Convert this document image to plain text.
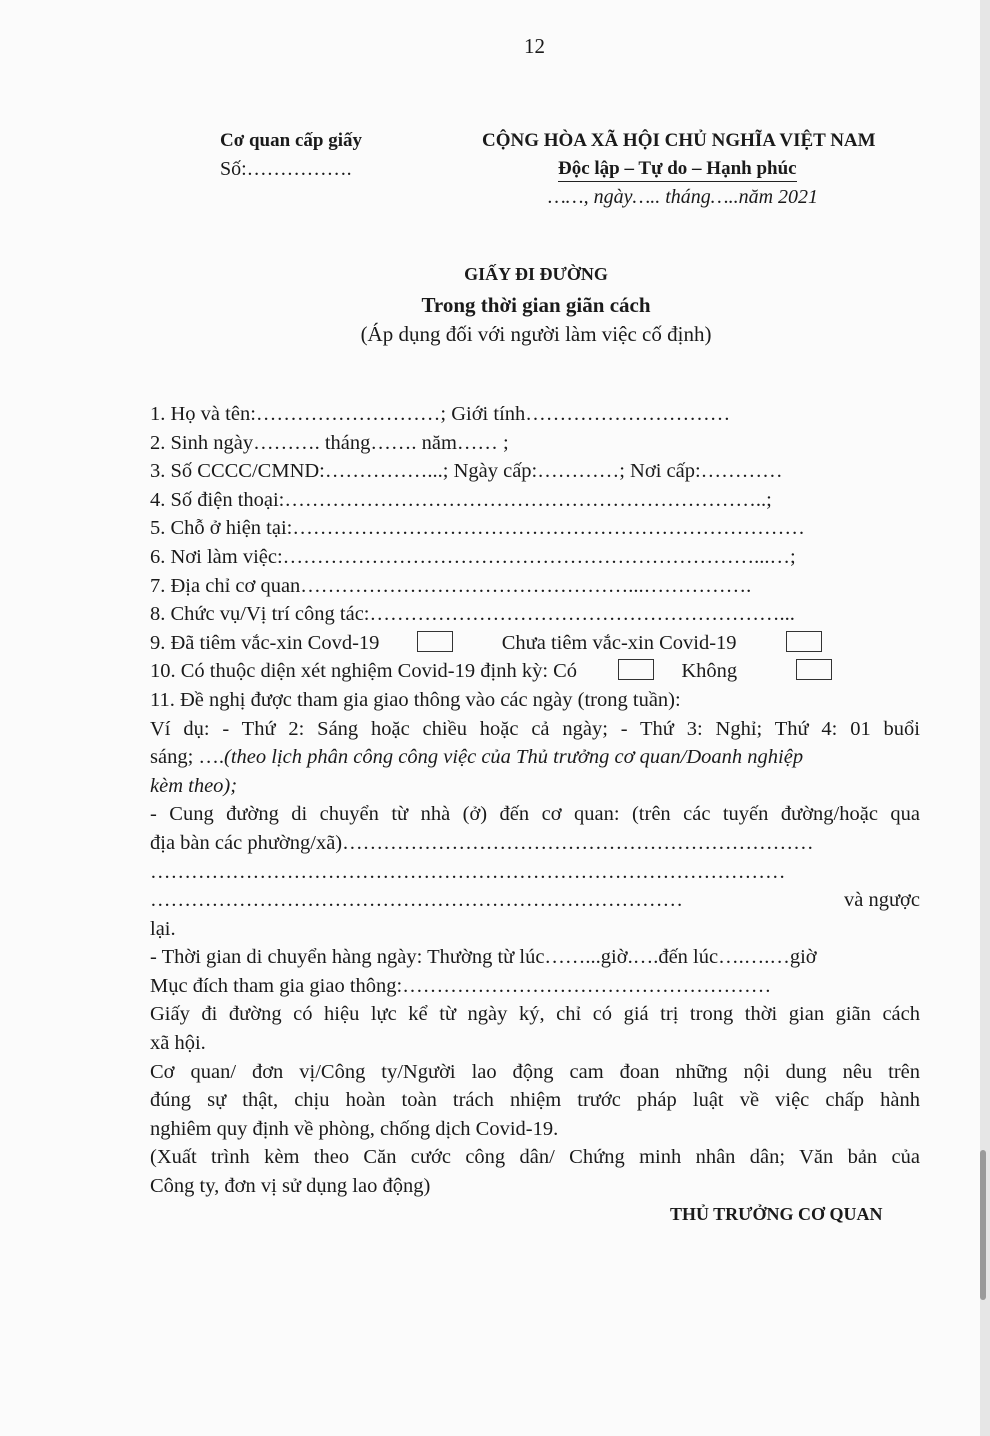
12
Cơ quan cấp giấy
Số:…………….
CỘNG HÒA XÃ HỘI CHỦ NGHĨA VIỆT NAM
Độc lập – Tự do – Hạnh phúc
……, ngày….. tháng…..năm 2021
GIẤY ĐI ĐƯỜNG
Trong thời gian giãn cách
(Áp dụng đối với người làm việc cố định)
1. Họ và tên:………………………; Giới tính…………………………
2. Sinh ngày………. tháng……. năm…… ;
3. Số CCCC/CMND:……………...; Ngày cấp:…………; Nơi cấp:…………
4. Số điện thoại:……………………………………………………………..;
5. Chỗ ở hiện tại:…………………………………………………………………
6. Nơi làm việc:……………………………………………………………...…;
7. Địa chỉ cơ quan…………………………………………...…………….
8. Chức vụ/Vị trí công tác:……………………………………………………...
9. Đã tiêm vắc-xin Covd-19	Chưa tiêm vắc-xin Covid-19
10. Có thuộc diện xét nghiệm Covid-19 định kỳ: Có	Không
11. Đề nghị được tham gia giao thông vào các ngày (trong tuần):
Ví dụ: - Thứ 2: Sáng hoặc chiều hoặc cả ngày; - Thứ 3: Nghỉ; Thứ 4: 01 buổi
sáng; ….(theo lịch phân công công việc của Thủ trưởng cơ quan/Doanh nghiệp
kèm theo);
- Cung đường di chuyển từ nhà (ở) đến cơ quan: (trên các tuyến đường/hoặc qua
địa bàn các phường/xã)……………………………………………………………
…………………………………………………………………………………
……………………………………………………………………	và ngược
lại.
- Thời gian di chuyển hàng ngày: Thường từ lúc……...giờ.….đến lúc….….…giờ
Mục đích tham gia giao thông:………………………………………………
Giấy đi đường có hiệu lực kể từ ngày ký, chỉ có giá trị trong thời gian giãn cách
xã hội.
Cơ quan/ đơn vị/Công ty/Người lao động cam đoan những nội dung nêu trên
đúng sự thật, chịu hoàn toàn trách nhiệm trước pháp luật về việc chấp hành
nghiêm quy định về phòng, chống dịch Covid-19.
(Xuất trình kèm theo Căn cước công dân/ Chứng minh nhân dân; Văn bản của
Công ty, đơn vị sử dụng lao động)
THỦ TRƯỞNG CƠ QUAN
